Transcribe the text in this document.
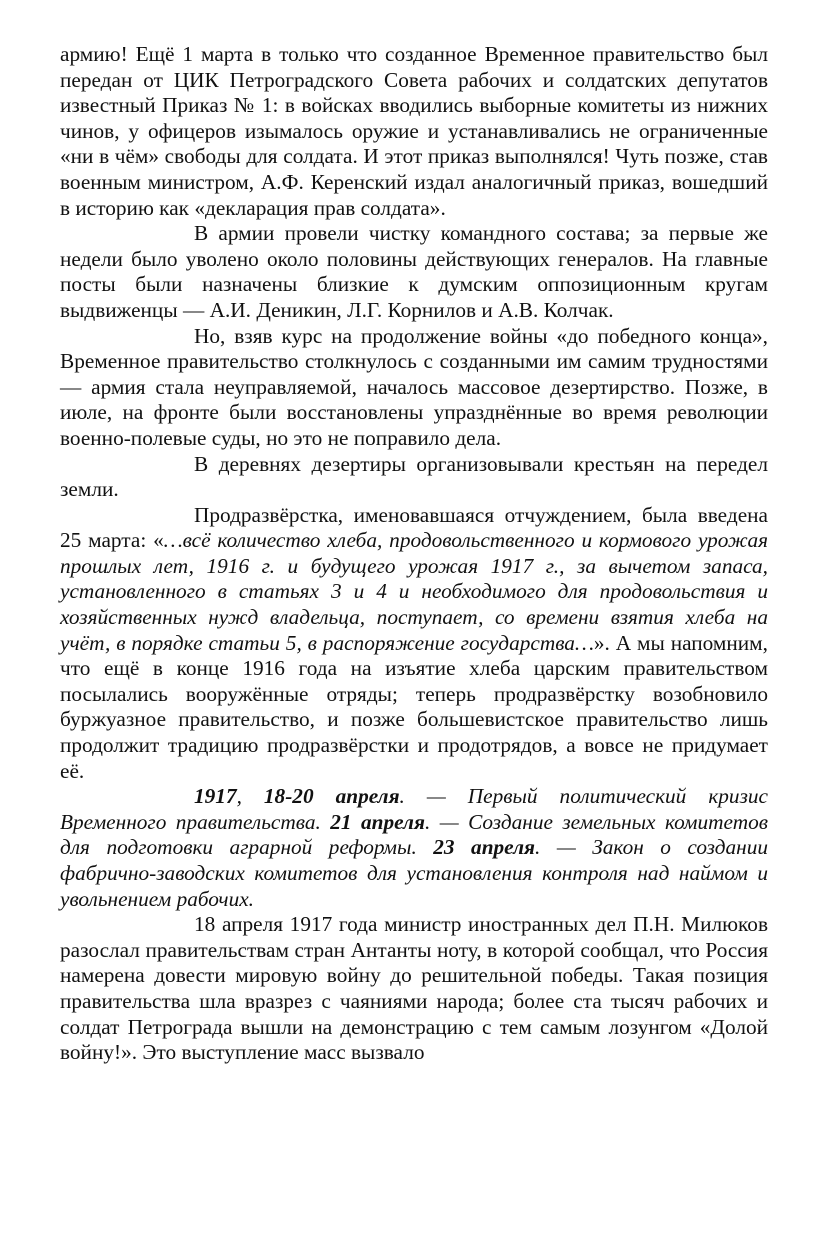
армию! Ещё 1 марта в только что созданное Временное правительство был передан от ЦИК Петроградского Совета рабочих и солдатских депутатов известный Приказ № 1: в войсках вводились выборные комитеты из нижних чинов, у офицеров изымалось оружие и устанавливались не ограниченные «ни в чём» свободы для солдата. И этот приказ выполнялся! Чуть позже, став военным министром, А.Ф. Керенский издал аналогичный приказ, вошедший в историю как «декларация прав солдата».

В армии провели чистку командного состава; за первые же недели было уволено около половины действующих генералов. На главные посты были назначены близкие к думским оппозиционным кругам выдвиженцы — А.И. Деникин, Л.Г. Корнилов и А.В. Колчак.

Но, взяв курс на продолжение войны «до победного конца», Временное правительство столкнулось с созданными им самим трудностями — армия стала неуправляемой, началось массовое дезертирство. Позже, в июле, на фронте были восстановлены упразднённые во время революции военно-полевые суды, но это не поправило дела.

В деревнях дезертиры организовывали крестьян на передел земли.

Продразвёрстка, именовавшаяся отчуждением, была введена 25 марта: «…всё количество хлеба, продовольственного и кормового урожая прошлых лет, 1916 г. и будущего урожая 1917 г., за вычетом запаса, установленного в статьях 3 и 4 и необходимого для продовольствия и хозяйственных нужд владельца, поступает, со времени взятия хлеба на учёт, в порядке статьи 5, в распоряжение государства…». А мы напомним, что ещё в конце 1916 года на изъятие хлеба царским правительством посылались вооружённые отряды; теперь продразвёрстку возобновило буржуазное правительство, и позже большевистское правительство лишь продолжит традицию продразвёрстки и продотрядов, а вовсе не придумает её.

1917, 18-20 апреля. — Первый политический кризис Временного правительства. 21 апреля. — Создание земельных комитетов для подготовки аграрной реформы. 23 апреля. — Закон о создании фабрично-заводских комитетов для установления контроля над наймом и увольнением рабочих.

18 апреля 1917 года министр иностранных дел П.Н. Милюков разослал правительствам стран Антанты ноту, в которой сообщал, что Россия намерена довести мировую войну до решительной победы. Такая позиция правительства шла вразрез с чаяниями народа; более ста тысяч рабочих и солдат Петрограда вышли на демонстрацию с тем самым лозунгом «Долой войну!». Это выступление масс вызвало
